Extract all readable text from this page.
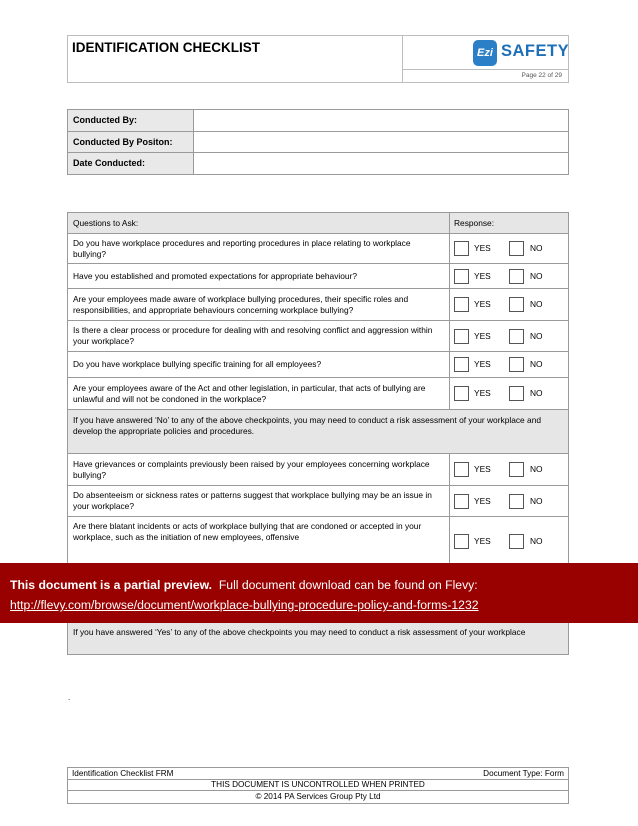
IDENTIFICATION CHECKLIST	Ezi SAFETY
Page 22 of 29
Conducted By:	
Conducted By Positon:	
Date Conducted:	
Questions to Ask:	Response:
Do you have workplace procedures and reporting procedures in place relating to workplace bullying?	YES NO

Have you established and promoted expectations for appropriate behaviour?	YES NO

Are your employees made aware of workplace bullying procedures, their specific roles and responsibilities, and appropriate behaviours concerning workplace bullying?	YES NO

Is there a clear process or procedure for dealing with and resolving conflict and aggression within your workplace?	YES NO

Do you have workplace bullying specific training for all employees?	YES NO

Are your employees aware of the Act and other legislation, in particular, that acts of bullying are unlawful and will not be condoned in the workplace?	YES NO

If you have answered ‘No’ to any of the above checkpoints, you may need to conduct a risk assessment of your workplace and develop the appropriate policies and procedures.	
Have grievances or complaints previously been raised by your employees concerning workplace bullying?	YES NO

Do absenteeism or sickness rates or patterns suggest that workplace bullying may be an issue in your workplace?	YES NO

Are there blatant incidents or acts of workplace bullying that are condoned or accepted in your workplace, such as the initiation of new employees, offensive	YES NO
If you have answered ‘Yes’ to any of the above checkpoints you may need to conduct a risk assessment of your workplace
This document is a partial preview. Full document download can be found on Flevy:
http://flevy.com/browse/document/workplace-bullying-procedure-policy-and-forms-1232
.
Identification Checklist FRM	Document Type: Form
THIS DOCUMENT IS UNCONTROLLED WHEN PRINTED
© 2014 PA Services Group Pty Ltd
